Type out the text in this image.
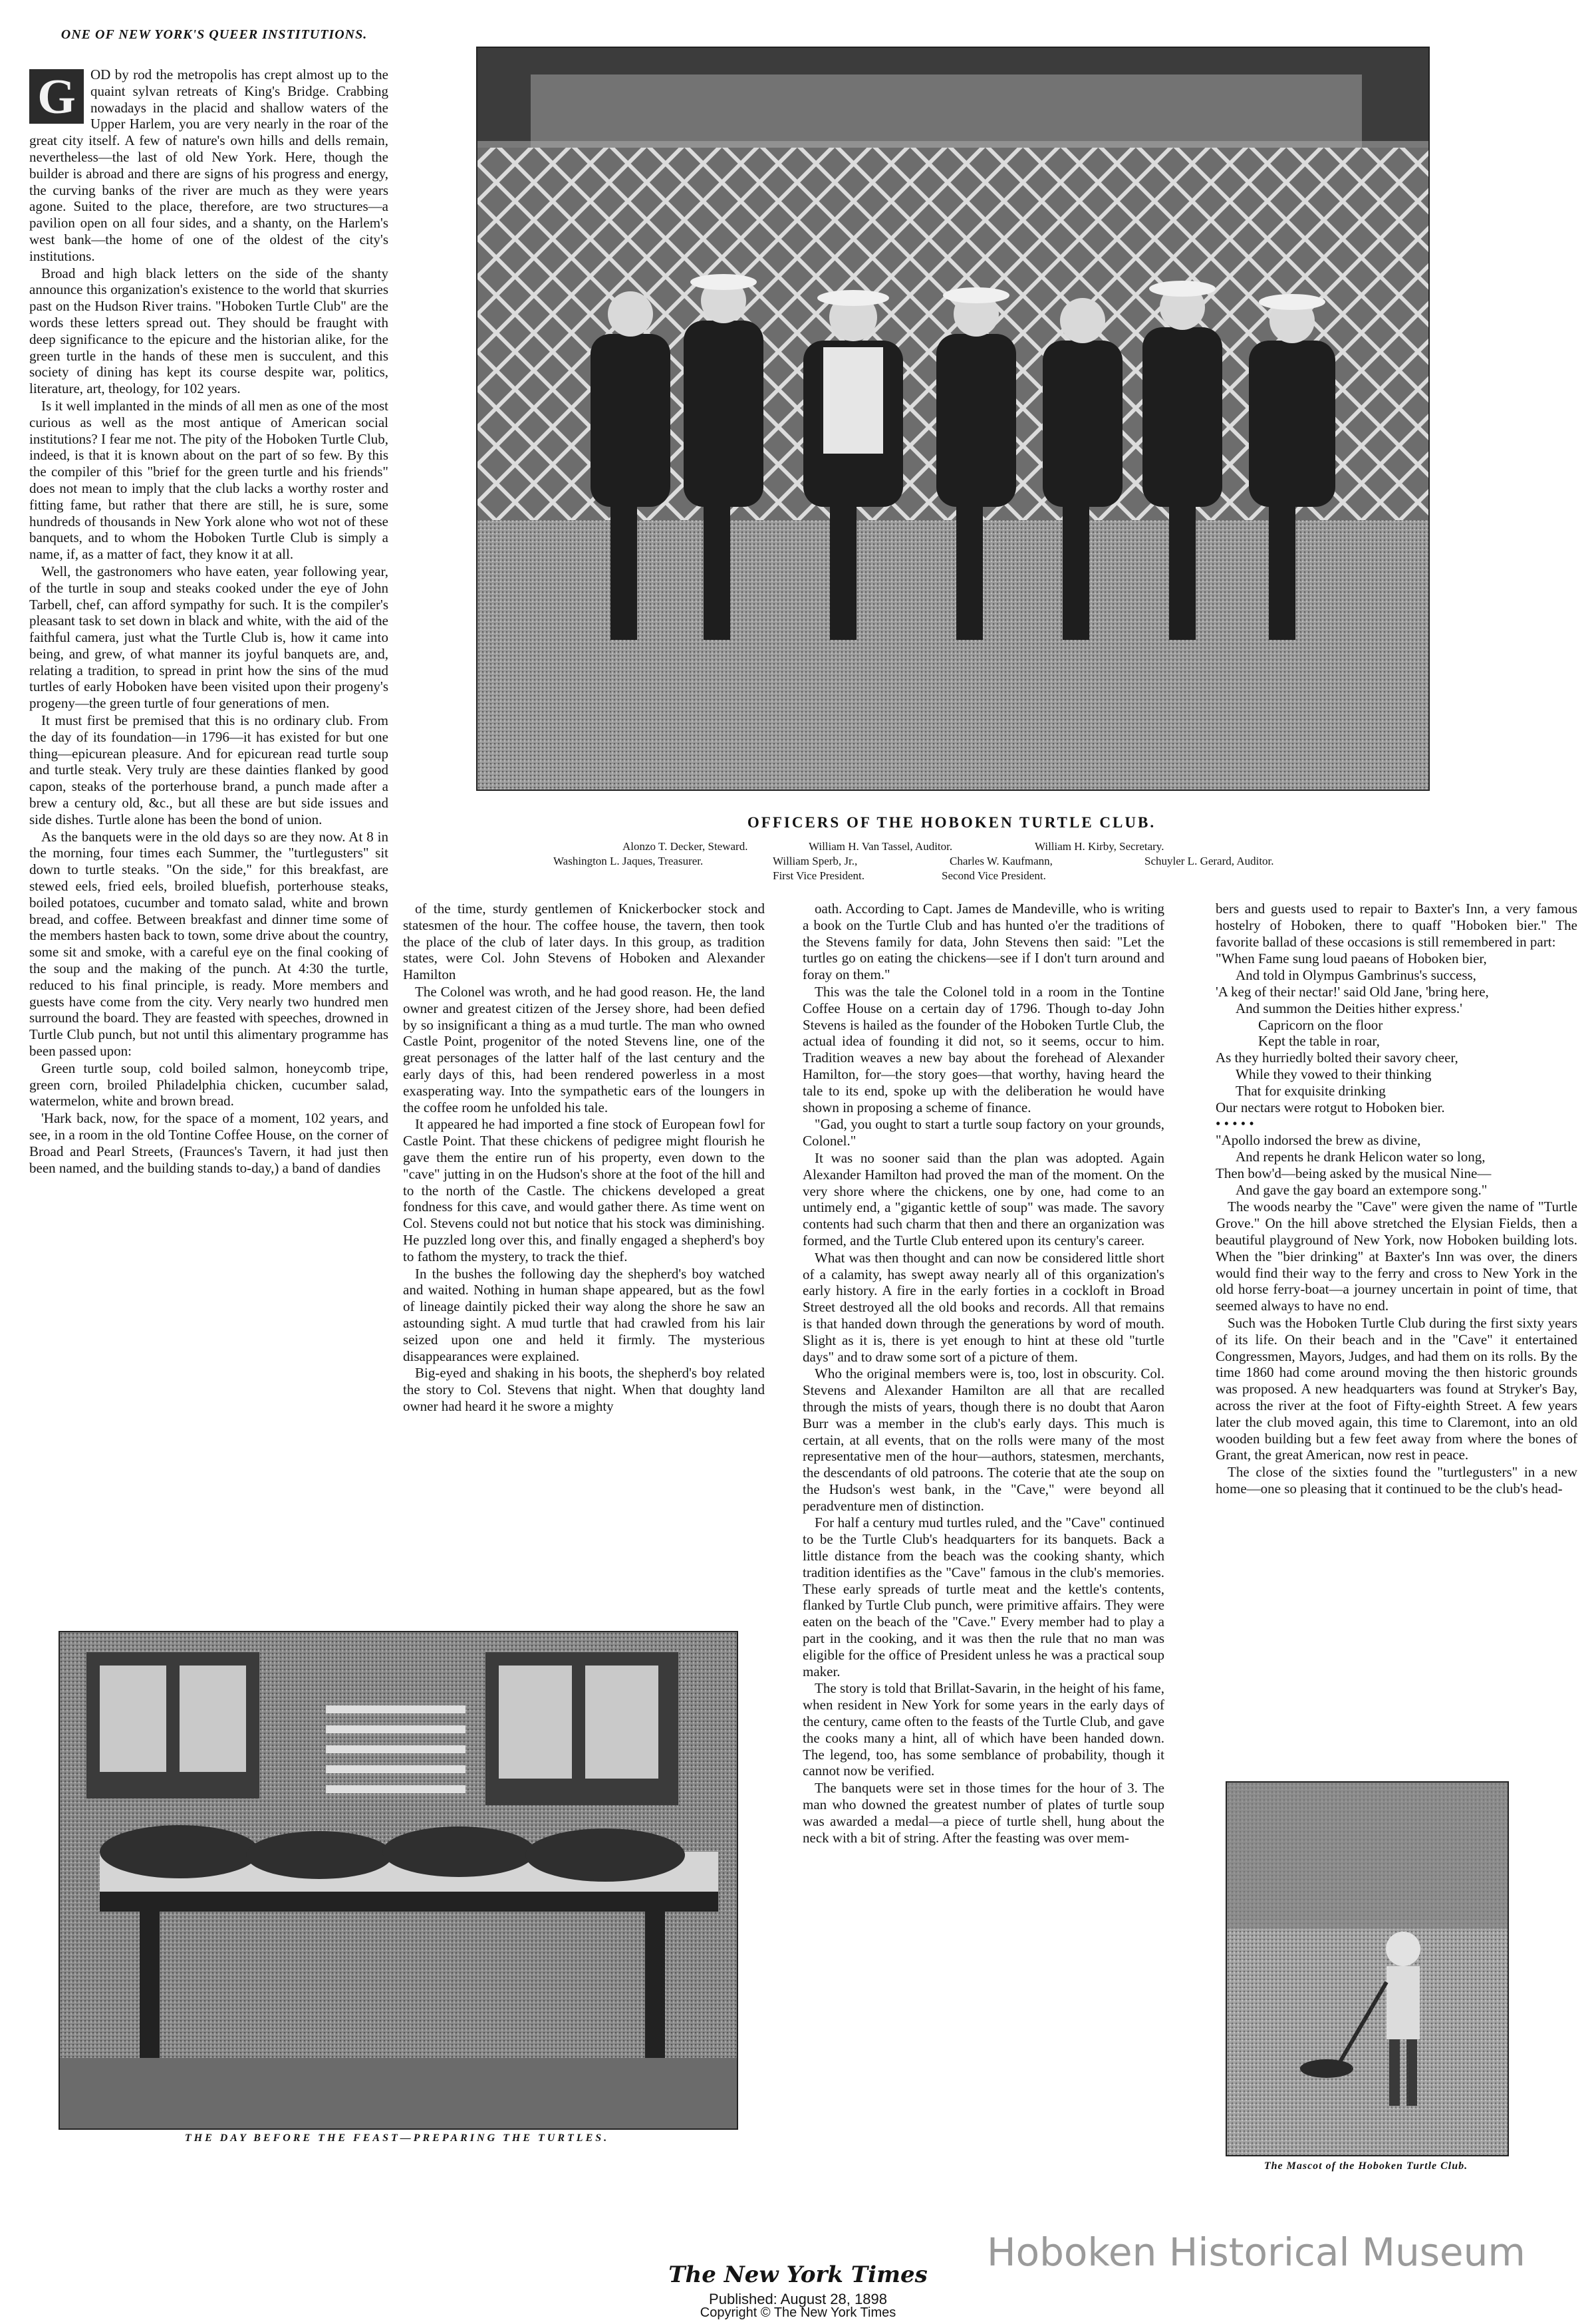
ONE OF NEW YORK'S QUEER INSTITUTIONS.

G	OD by rod the metropolis has crept almost up to the quaint sylvan retreats of King's Bridge. Crabbing nowadays in the placid and shallow waters of the Upper Harlem, you are very nearly in the roar of the great city itself. A few of nature's own hills and dells remain, nevertheless—the last of old New York. Here, though the builder is abroad and there are signs of his progress and energy, the curving banks of the river are much as they were years agone. Suited to the place, therefore, are two structures—a pavilion open on all four sides, and a shanty, on the Harlem's west bank—the home of one of the oldest of the city's institutions.

Broad and high black letters on the side of the shanty announce this organization's existence to the world that skurries past on the Hudson River trains. "Hoboken Turtle Club" are the words these letters spread out. They should be fraught with deep significance to the epicure and the historian alike, for the green turtle in the hands of these men is succulent, and this society of dining has kept its course despite war, politics, literature, art, theology, for 102 years.

Is it well implanted in the minds of all men as one of the most curious as well as the most antique of American social institutions? I fear me not. The pity of the Hoboken Turtle Club, indeed, is that it is known about on the part of so few. By this the compiler of this "brief for the green turtle and his friends" does not mean to imply that the club lacks a worthy roster and fitting fame, but rather that there are still, he is sure, some hundreds of thousands in New York alone who wot not of these banquets, and to whom the Hoboken Turtle Club is simply a name, if, as a matter of fact, they know it at all.

Well, the gastronomers who have eaten, year following year, of the turtle in soup and steaks cooked under the eye of John Tarbell, chef, can afford sympathy for such. It is the compiler's pleasant task to set down in black and white, with the aid of the faithful camera, just what the Turtle Club is, how it came into being, and grew, of what manner its joyful banquets are, and, relating a tradition, to spread in print how the sins of the mud turtles of early Hoboken have been visited upon their progeny's progeny—the green turtle of four generations of men.

It must first be premised that this is no ordinary club. From the day of its foundation—in 1796—it has existed for but one thing—epicurean pleasure. And for epicurean read turtle soup and turtle steak. Very truly are these dainties flanked by good capon, steaks of the porterhouse brand, a punch made after a brew a century old, &c., but all these are but side issues and side dishes. Turtle alone has been the bond of union.

As the banquets were in the old days so are they now. At 8 in the morning, four times each Summer, the "turtlegusters" sit down to turtle steaks. "On the side," for this breakfast, are stewed eels, fried eels, broiled bluefish, porterhouse steaks, boiled potatoes, cucumber and tomato salad, white and brown bread, and coffee. Between breakfast and dinner time some of the members hasten back to town, some drive about the country, some sit and smoke, with a careful eye on the final cooking of the soup and the making of the punch. At 4:30 the turtle, reduced to his final principle, is ready. More members and guests have come from the city. Very nearly two hundred men surround the board. They are feasted with speeches, drowned in Turtle Club punch, but not until this alimentary programme has been passed upon:

Green turtle soup, cold boiled salmon, honeycomb tripe, green corn, broiled Philadelphia chicken, cucumber salad, watermelon, white and brown bread.

'Hark back, now, for the space of a moment, 102 years, and see, in a room in the old Tontine Coffee House, on the corner of Broad and Pearl Streets, (Fraunces's Tavern, it had just then been named, and the building stands to-day,) a band of dandies

OFFICERS OF THE HOBOKEN TURTLE CLUB.
Alonzo T. Decker, Steward.	William H. Van Tassel, Auditor.	William H. Kirby, Secretary.
Washington L. Jaques, Treasurer.	William Sperb, Jr.,
First Vice President.
Charles W. Kaufmann,
Second Vice President.
Schuyler L. Gerard, Auditor.

of the time, sturdy gentlemen of Knickerbocker stock and statesmen of the hour. The coffee house, the tavern, then took the place of the club of later days. In this group, as tradition states, were Col. John Stevens of Hoboken and Alexander Hamilton

The Colonel was wroth, and he had good reason. He, the land owner and greatest citizen of the Jersey shore, had been defied by so insignificant a thing as a mud turtle. The man who owned Castle Point, progenitor of the noted Stevens line, one of the great personages of the latter half of the last century and the early days of this, had been rendered powerless in a most exasperating way. Into the sympathetic ears of the loungers in the coffee room he unfolded his tale.

It appeared he had imported a fine stock of European fowl for Castle Point. That these chickens of pedigree might flourish he gave them the entire run of his property, even down to the "cave" jutting in on the Hudson's shore at the foot of the hill and to the north of the Castle. The chickens developed a great fondness for this cave, and would gather there. As time went on Col. Stevens could not but notice that his stock was diminishing. He puzzled long over this, and finally engaged a shepherd's boy to fathom the mystery, to track the thief.

In the bushes the following day the shepherd's boy watched and waited. Nothing in human shape appeared, but as the fowl of lineage daintily picked their way along the shore he saw an astounding sight. A mud turtle that had crawled from his lair seized upon one and held it firmly. The mysterious disappearances were explained.

Big-eyed and shaking in his boots, the shepherd's boy related the story to Col. Stevens that night. When that doughty land owner had heard it he swore a mighty

oath. According to Capt. James de Mandeville, who is writing a book on the Turtle Club and has hunted o'er the traditions of the Stevens family for data, John Stevens then said: "Let the turtles go on eating the chickens—see if I don't turn around and foray on them."

This was the tale the Colonel told in a room in the Tontine Coffee House on a certain day of 1796. Though to-day John Stevens is hailed as the founder of the Hoboken Turtle Club, the actual idea of founding it did not, so it seems, occur to him. Tradition weaves a new bay about the forehead of Alexander Hamilton, for—the story goes—that worthy, having heard the tale to its end, spoke up with the deliberation he would have shown in proposing a scheme of finance.

"Gad, you ought to start a turtle soup factory on your grounds, Colonel."

It was no sooner said than the plan was adopted. Again Alexander Hamilton had proved the man of the moment. On the very shore where the chickens, one by one, had come to an untimely end, a "gigantic kettle of soup" was made. The savory contents had such charm that then and there an organization was formed, and the Turtle Club entered upon its century's career.

What was then thought and can now be considered little short of a calamity, has swept away nearly all of this organization's early history. A fire in the early forties in a cockloft in Broad Street destroyed all the old books and records. All that remains is that handed down through the generations by word of mouth. Slight as it is, there is yet enough to hint at these old "turtle days" and to draw some sort of a picture of them.

Who the original members were is, too, lost in obscurity. Col. Stevens and Alexander Hamilton are all that are recalled through the mists of years, though there is no doubt that Aaron Burr was a member in the club's early days. This much is certain, at all events, that on the rolls were many of the most representative men of the hour—authors, statesmen, merchants, the descendants of old patroons. The coterie that ate the soup on the Hudson's west bank, in the "Cave," were beyond all peradventure men of distinction.

For half a century mud turtles ruled, and the "Cave" continued to be the Turtle Club's headquarters for its banquets. Back a little distance from the beach was the cooking shanty, which tradition identifies as the "Cave" famous in the club's memories. These early spreads of turtle meat and the kettle's contents, flanked by Turtle Club punch, were primitive affairs. They were eaten on the beach of the "Cave." Every member had to play a part in the cooking, and it was then the rule that no man was eligible for the office of President unless he was a practical soup maker.

The story is told that Brillat-Savarin, in the height of his fame, when resident in New York for some years in the early days of the century, came often to the feasts of the Turtle Club, and gave the cooks many a hint, all of which have been handed down. The legend, too, has some semblance of probability, though it cannot now be verified.

The banquets were set in those times for the hour of 3. The man who downed the greatest number of plates of turtle soup was awarded a medal—a piece of turtle shell, hung about the neck with a bit of string. After the feasting was over mem-

bers and guests used to repair to Baxter's Inn, a very famous hostelry of Hoboken, there to quaff "Hoboken bier." The favorite ballad of these occasions is still remembered in part:

"When Fame sung loud paeans of Hoboken bier,
And told in Olympus Gambrinus's success,
'A keg of their nectar!' said Old Jane, 'bring here,
And summon the Deities hither express.'
Capricorn on the floor
Kept the table in roar,
As they hurriedly bolted their savory cheer,
While they vowed to their thinking
That for exquisite drinking
Our nectars were rotgut to Hoboken bier.
• • • • •
"Apollo indorsed the brew as divine,
And repents he drank Helicon water so long,
Then bow'd—being asked by the musical Nine—
And gave the gay board an extempore song."

The woods nearby the "Cave" were given the name of "Turtle Grove." On the hill above stretched the Elysian Fields, then a beautiful playground of New York, now Hoboken building lots. When the "bier drinking" at Baxter's Inn was over, the diners would find their way to the ferry and cross to New York in the old horse ferry-boat—a journey uncertain in point of time, that seemed always to have no end.

Such was the Hoboken Turtle Club during the first sixty years of its life. On their beach and in the "Cave" it entertained Congressmen, Mayors, Judges, and had them on its rolls. By the time 1860 had come around moving the then historic grounds was proposed. A new headquarters was found at Stryker's Bay, across the river at the foot of Fifty-eighth Street. A few years later the club moved again, this time to Claremont, into an old wooden building but a few feet away from where the bones of Grant, the great American, now rest in peace.

The close of the sixties found the "turtlegusters" in a new home—one so pleasing that it continued to be the club's head-

THE DAY BEFORE THE FEAST—PREPARING THE TURTLES.
The Mascot of the Hoboken Turtle Club.
Hoboken Historical Museum
The New York Times
Published: August 28, 1898
Copyright © The New York Times
